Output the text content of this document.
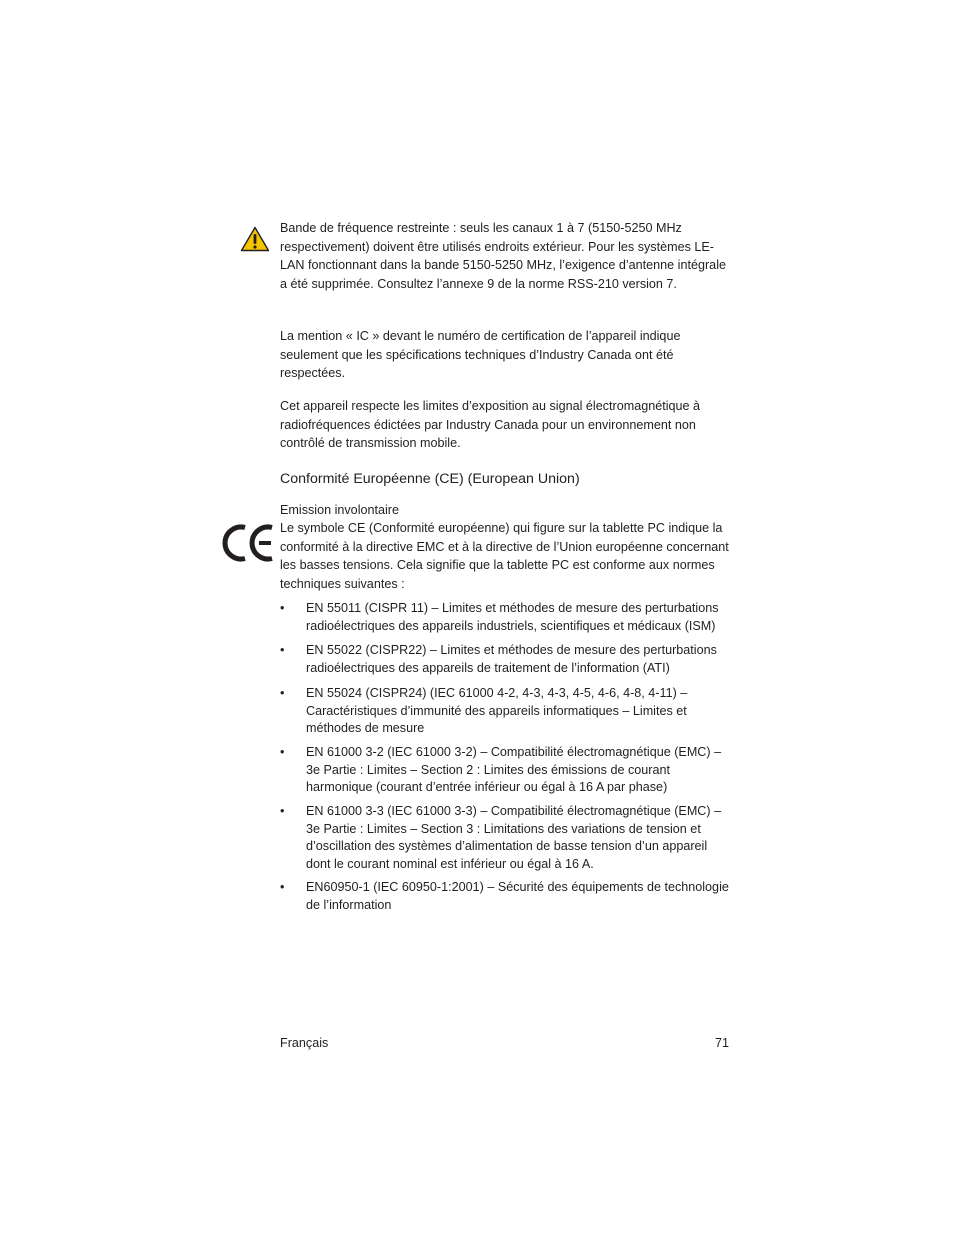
Bande de fréquence restreinte : seuls les canaux 1 à 7 (5150-5250 MHz respectivement) doivent être utilisés endroits extérieur. Pour les systèmes LE-LAN fonctionnant dans la bande 5150-5250 MHz, l’exigence d’antenne intégrale a été supprimée. Consultez l’annexe 9 de la norme RSS-210 version 7.
La mention « IC » devant le numéro de certification de l’appareil indique seulement que les spécifications techniques d’Industry Canada ont été respectées.
Cet appareil respecte les limites d’exposition au signal électromagnétique à radiofréquences édictées par Industry Canada pour un environnement non contrôlé de transmission mobile.
Conformité Européenne (CE) (European Union)
Emission involontaire
Le symbole CE (Conformité européenne) qui figure sur la tablette PC indique la conformité à la directive EMC et à la directive de l’Union européenne concernant les basses tensions. Cela signifie que la tablette PC est conforme aux normes techniques suivantes :
•	EN 55011 (CISPR 11) – Limites et méthodes de mesure des perturbations radioélectriques des appareils industriels, scientifiques et médicaux (ISM)
•	EN 55022 (CISPR22) – Limites et méthodes de mesure des perturbations radioélectriques des appareils de traitement de l’information (ATI)
•	EN 55024 (CISPR24) (IEC 61000 4-2, 4-3, 4-3, 4-5, 4-6, 4-8, 4-11) – Caractéristiques d’immunité des appareils informatiques – Limites et méthodes de mesure
•	EN 61000 3-2 (IEC 61000 3-2) – Compatibilité électromagnétique (EMC) – 3e Partie : Limites – Section 2 : Limites des émissions de courant harmonique (courant d’entrée inférieur ou égal à 16 A par phase)
•	EN 61000 3-3 (IEC 61000 3-3) – Compatibilité électromagnétique (EMC) – 3e Partie : Limites – Section 3 : Limitations des variations de tension et d’oscillation des systèmes d’alimentation de basse tension d’un appareil dont le courant nominal est inférieur ou égal à 16 A.
•	EN60950-1 (IEC 60950-1:2001) – Sécurité des équipements de technologie de l’information
Français	71
